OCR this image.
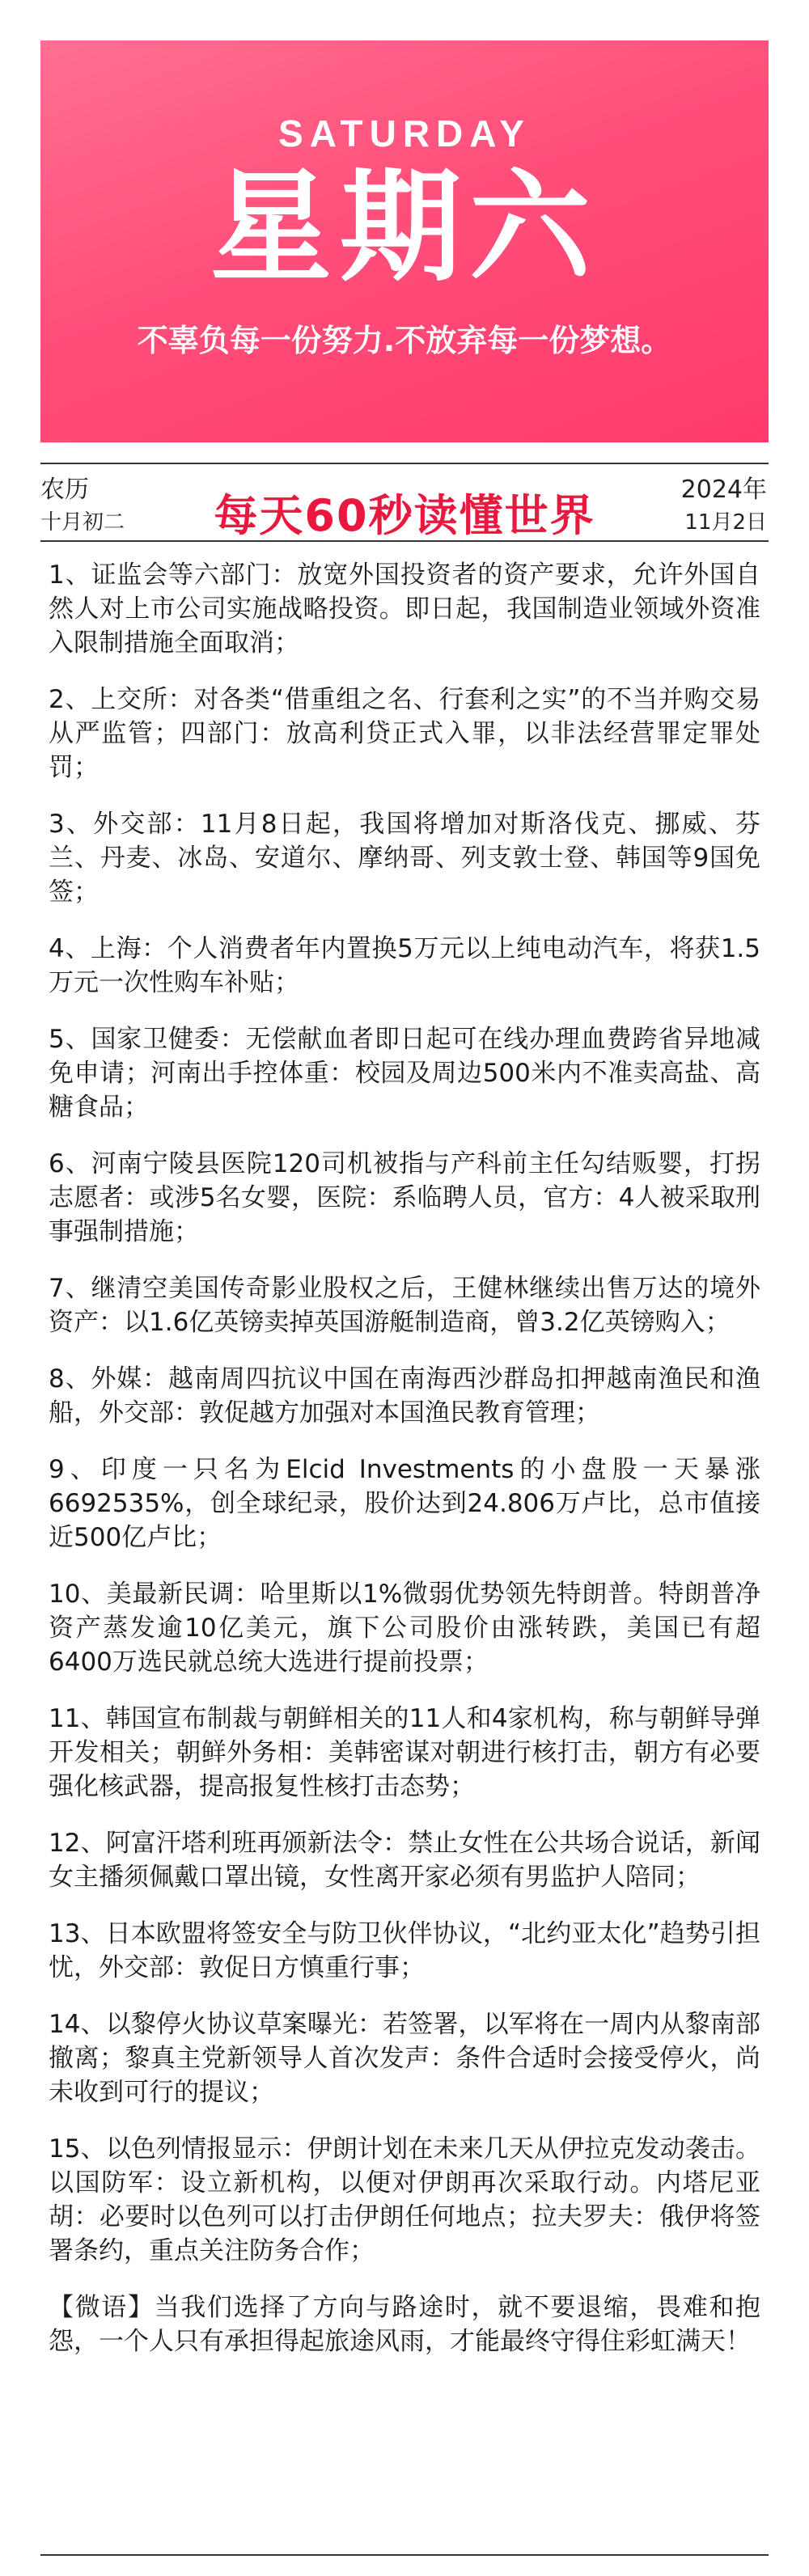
SATURDAY
星期六
不辜负每一份努力.不放弃每一份梦想。
农历
十月初二	每天60秒读懂世界
2024年
11月2日

1、证监会等六部门：放宽外国投资者的资产要求，允许外国自然人对上市公司实施战略投资。即日起，我国制造业领域外资准入限制措施全面取消；

2、上交所：对各类“借重组之名、行套利之实”的不当并购交易从严监管；四部门：放高利贷正式入罪，以非法经营罪定罪处罚；

3、外交部：11月8日起，我国将增加对斯洛伐克、挪威、芬兰、丹麦、冰岛、安道尔、摩纳哥、列支敦士登、韩国等9国免签；

4、上海：个人消费者年内置换5万元以上纯电动汽车，将获1.5万元一次性购车补贴；

5、国家卫健委：无偿献血者即日起可在线办理血费跨省异地减免申请；河南出手控体重：校园及周边500米内不准卖高盐、高糖食品；

6、河南宁陵县医院120司机被指与产科前主任勾结贩婴，打拐志愿者：或涉5名女婴，医院：系临聘人员，官方：4人被采取刑事强制措施；

7、继清空美国传奇影业股权之后，王健林继续出售万达的境外资产：以1.6亿英镑卖掉英国游艇制造商，曾3.2亿英镑购入；

8、外媒：越南周四抗议中国在南海西沙群岛扣押越南渔民和渔船，外交部：敦促越方加强对本国渔民教育管理；

9、印度一只名为Elcid Investments的小盘股一天暴涨6692535%，创全球纪录，股价达到24.806万卢比，总市值接近500亿卢比；

10、美最新民调：哈里斯以1%微弱优势领先特朗普。特朗普净资产蒸发逾10亿美元，旗下公司股价由涨转跌，美国已有超6400万选民就总统大选进行提前投票；

11、韩国宣布制裁与朝鲜相关的11人和4家机构，称与朝鲜导弹开发相关；朝鲜外务相：美韩密谋对朝进行核打击，朝方有必要强化核武器，提高报复性核打击态势；

12、阿富汗塔利班再颁新法令：禁止女性在公共场合说话，新闻女主播须佩戴口罩出镜，女性离开家必须有男监护人陪同；

13、日本欧盟将签安全与防卫伙伴协议，“北约亚太化”趋势引担忧，外交部：敦促日方慎重行事；

14、以黎停火协议草案曝光：若签署，以军将在一周内从黎南部撤离；黎真主党新领导人首次发声：条件合适时会接受停火，尚未收到可行的提议；

15、以色列情报显示：伊朗计划在未来几天从伊拉克发动袭击。以国防军：设立新机构，以便对伊朗再次采取行动。内塔尼亚胡：必要时以色列可以打击伊朗任何地点；拉夫罗夫：俄伊将签署条约，重点关注防务合作；

【微语】当我们选择了方向与路途时，就不要退缩，畏难和抱怨，一个人只有承担得起旅途风雨，才能最终守得住彩虹满天！
